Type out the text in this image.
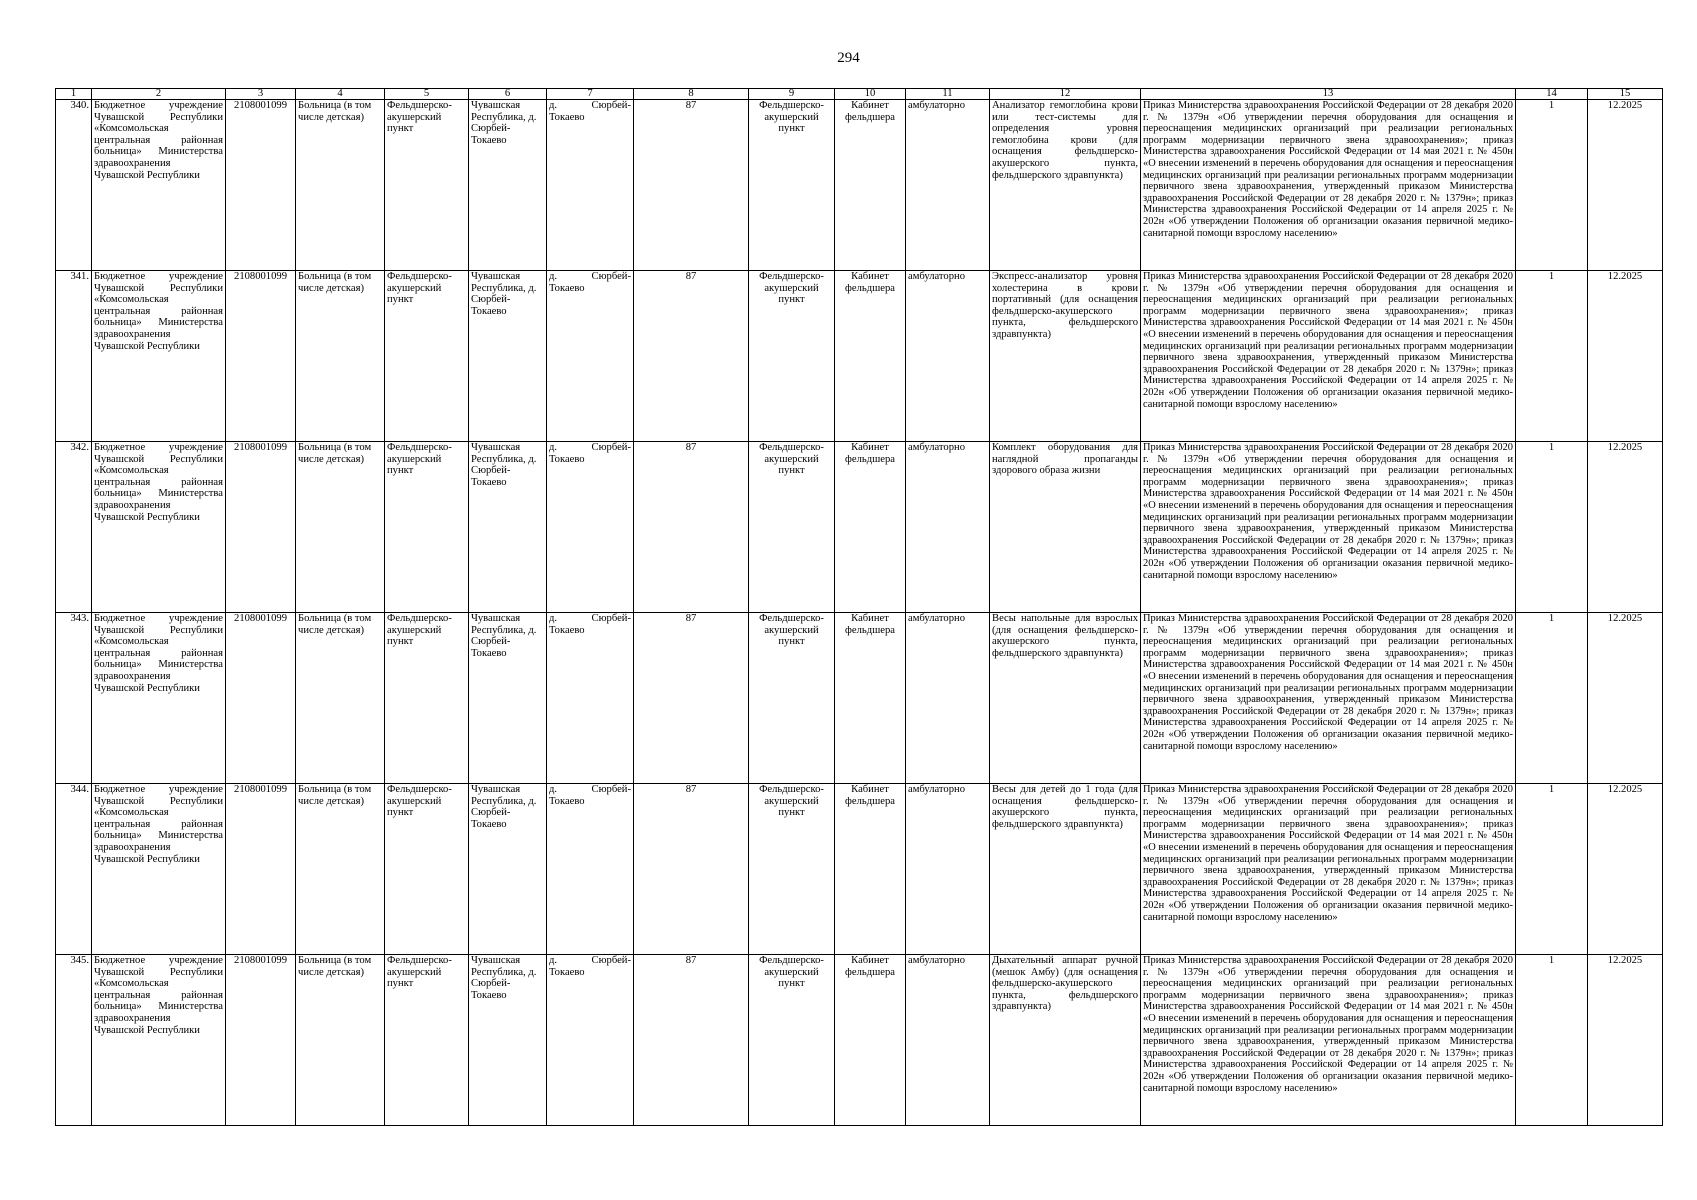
294
1	2	3	4	5	6	7	8	9	10	11	12	13	14	15
340.	Бюджетное учреждение Чувашской Республики «Комсомольская центральная районная больница» Министерства здравоохранения Чувашской Республики	2108001099	Больница (в том числе детская)	Фельдшерско-акушерский пункт	Чувашская Республика, д. Сюрбей-Токаево	д. Сюрбей-Токаево	87	Фельдшерско-акушерский пункт	Кабинет фельдшера	амбулаторно	Анализатор гемоглобина крови или тест-системы для определения уровня гемоглобина крови (для оснащения фельдшерско-акушерского пункта, фельдшерского здравпункта)	Приказ Министерства здравоохранения Российской Федерации от 28 декабря 2020 г. № 1379н «Об утверждении перечня оборудования для оснащения и переоснащения медицинских организаций при реализации региональных программ модернизации первичного звена здравоохранения»; приказ Министерства здравоохранения Российской Федерации от 14 мая 2021 г. № 450н «О внесении изменений в перечень оборудования для оснащения и переоснащения медицинских организаций при реализации региональных программ модернизации первичного звена здравоохранения, утвержденный приказом Министерства здравоохранения Российской Федерации от 28 декабря 2020 г. № 1379н»; приказ Министерства здравоохранения Российской Федерации от 14 апреля 2025 г. № 202н «Об утверждении Положения об организации оказания первичной медико-санитарной помощи взрослому населению»	1	12.2025
341.	Бюджетное учреждение Чувашской Республики «Комсомольская центральная районная больница» Министерства здравоохранения Чувашской Республики	2108001099	Больница (в том числе детская)	Фельдшерско-акушерский пункт	Чувашская Республика, д. Сюрбей-Токаево	д. Сюрбей-Токаево	87	Фельдшерско-акушерский пункт	Кабинет фельдшера	амбулаторно	Экспресс-анализатор уровня холестерина в крови портативный (для оснащения фельдшерско-акушерского пункта, фельдшерского здравпункта)	Приказ Министерства здравоохранения Российской Федерации от 28 декабря 2020 г. № 1379н «Об утверждении перечня оборудования для оснащения и переоснащения медицинских организаций при реализации региональных программ модернизации первичного звена здравоохранения»; приказ Министерства здравоохранения Российской Федерации от 14 мая 2021 г. № 450н «О внесении изменений в перечень оборудования для оснащения и переоснащения медицинских организаций при реализации региональных программ модернизации первичного звена здравоохранения, утвержденный приказом Министерства здравоохранения Российской Федерации от 28 декабря 2020 г. № 1379н»; приказ Министерства здравоохранения Российской Федерации от 14 апреля 2025 г. № 202н «Об утверждении Положения об организации оказания первичной медико-санитарной помощи взрослому населению»	1	12.2025
342.	Бюджетное учреждение Чувашской Республики «Комсомольская центральная районная больница» Министерства здравоохранения Чувашской Республики	2108001099	Больница (в том числе детская)	Фельдшерско-акушерский пункт	Чувашская Республика, д. Сюрбей-Токаево	д. Сюрбей-Токаево	87	Фельдшерско-акушерский пункт	Кабинет фельдшера	амбулаторно	Комплект оборудования для наглядной пропаганды здорового образа жизни	Приказ Министерства здравоохранения Российской Федерации от 28 декабря 2020 г. № 1379н «Об утверждении перечня оборудования для оснащения и переоснащения медицинских организаций при реализации региональных программ модернизации первичного звена здравоохранения»; приказ Министерства здравоохранения Российской Федерации от 14 мая 2021 г. № 450н «О внесении изменений в перечень оборудования для оснащения и переоснащения медицинских организаций при реализации региональных программ модернизации первичного звена здравоохранения, утвержденный приказом Министерства здравоохранения Российской Федерации от 28 декабря 2020 г. № 1379н»; приказ Министерства здравоохранения Российской Федерации от 14 апреля 2025 г. № 202н «Об утверждении Положения об организации оказания первичной медико-санитарной помощи взрослому населению»	1	12.2025
343.	Бюджетное учреждение Чувашской Республики «Комсомольская центральная районная больница» Министерства здравоохранения Чувашской Республики	2108001099	Больница (в том числе детская)	Фельдшерско-акушерский пункт	Чувашская Республика, д. Сюрбей-Токаево	д. Сюрбей-Токаево	87	Фельдшерско-акушерский пункт	Кабинет фельдшера	амбулаторно	Весы напольные для взрослых (для оснащения фельдшерско-акушерского пункта, фельдшерского здравпункта)	Приказ Министерства здравоохранения Российской Федерации от 28 декабря 2020 г. № 1379н «Об утверждении перечня оборудования для оснащения и переоснащения медицинских организаций при реализации региональных программ модернизации первичного звена здравоохранения»; приказ Министерства здравоохранения Российской Федерации от 14 мая 2021 г. № 450н «О внесении изменений в перечень оборудования для оснащения и переоснащения медицинских организаций при реализации региональных программ модернизации первичного звена здравоохранения, утвержденный приказом Министерства здравоохранения Российской Федерации от 28 декабря 2020 г. № 1379н»; приказ Министерства здравоохранения Российской Федерации от 14 апреля 2025 г. № 202н «Об утверждении Положения об организации оказания первичной медико-санитарной помощи взрослому населению»	1	12.2025
344.	Бюджетное учреждение Чувашской Республики «Комсомольская центральная районная больница» Министерства здравоохранения Чувашской Республики	2108001099	Больница (в том числе детская)	Фельдшерско-акушерский пункт	Чувашская Республика, д. Сюрбей-Токаево	д. Сюрбей-Токаево	87	Фельдшерско-акушерский пункт	Кабинет фельдшера	амбулаторно	Весы для детей до 1 года (для оснащения фельдшерско-акушерского пункта, фельдшерского здравпункта)	Приказ Министерства здравоохранения Российской Федерации от 28 декабря 2020 г. № 1379н «Об утверждении перечня оборудования для оснащения и переоснащения медицинских организаций при реализации региональных программ модернизации первичного звена здравоохранения»; приказ Министерства здравоохранения Российской Федерации от 14 мая 2021 г. № 450н «О внесении изменений в перечень оборудования для оснащения и переоснащения медицинских организаций при реализации региональных программ модернизации первичного звена здравоохранения, утвержденный приказом Министерства здравоохранения Российской Федерации от 28 декабря 2020 г. № 1379н»; приказ Министерства здравоохранения Российской Федерации от 14 апреля 2025 г. № 202н «Об утверждении Положения об организации оказания первичной медико-санитарной помощи взрослому населению»	1	12.2025
345.	Бюджетное учреждение Чувашской Республики «Комсомольская центральная районная больница» Министерства здравоохранения Чувашской Республики	2108001099	Больница (в том числе детская)	Фельдшерско-акушерский пункт	Чувашская Республика, д. Сюрбей-Токаево	д. Сюрбей-Токаево	87	Фельдшерско-акушерский пункт	Кабинет фельдшера	амбулаторно	Дыхательный аппарат ручной (мешок Амбу) (для оснащения фельдшерско-акушерского пункта, фельдшерского здравпункта)	Приказ Министерства здравоохранения Российской Федерации от 28 декабря 2020 г. № 1379н «Об утверждении перечня оборудования для оснащения и переоснащения медицинских организаций при реализации региональных программ модернизации первичного звена здравоохранения»; приказ Министерства здравоохранения Российской Федерации от 14 мая 2021 г. № 450н «О внесении изменений в перечень оборудования для оснащения и переоснащения медицинских организаций при реализации региональных программ модернизации первичного звена здравоохранения, утвержденный приказом Министерства здравоохранения Российской Федерации от 28 декабря 2020 г. № 1379н»; приказ Министерства здравоохранения Российской Федерации от 14 апреля 2025 г. № 202н «Об утверждении Положения об организации оказания первичной медико-санитарной помощи взрослому населению»	1	12.2025
